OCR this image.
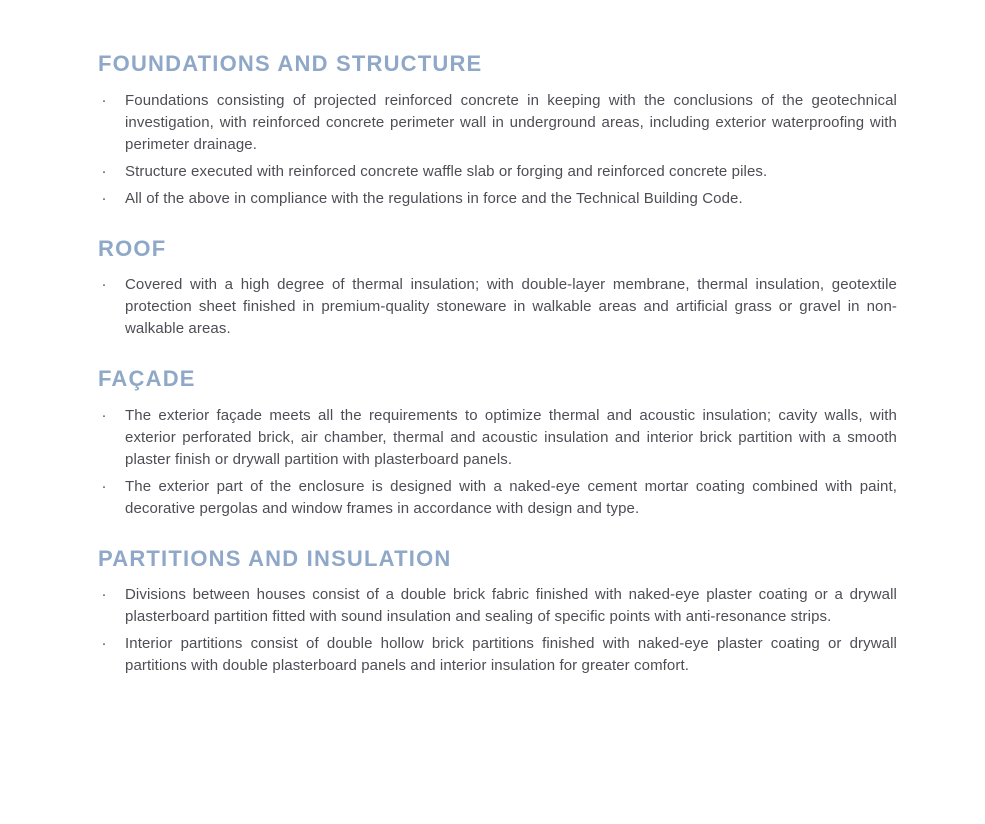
FOUNDATIONS AND STRUCTURE
· Foundations consisting of projected reinforced concrete in keeping with the conclusions of the geotechnical investigation, with reinforced concrete perimeter wall in underground areas, including exterior waterproofing with perimeter drainage.
· Structure executed with reinforced concrete waffle slab or forging and reinforced concrete piles.
· All of the above in compliance with the regulations in force and the Technical Building Code.
ROOF
· Covered with a high degree of thermal insulation; with double-layer membrane, thermal insulation, geotextile protection sheet finished in premium-quality stoneware in walkable areas and artificial grass or gravel in non-walkable areas.
FAÇADE
· The exterior façade meets all the requirements to optimize thermal and acoustic insulation; cavity walls, with exterior perforated brick, air chamber, thermal and acoustic insulation and interior brick partition with a smooth plaster finish or drywall partition with plasterboard panels.
· The exterior part of the enclosure is designed with a naked-eye cement mortar coating combined with paint, decorative pergolas and window frames in accordance with design and type.
PARTITIONS AND INSULATION
· Divisions between houses consist of a double brick fabric finished with naked-eye plaster coating or a drywall plasterboard partition fitted with sound insulation and sealing of specific points with anti-resonance strips.
· Interior partitions consist of double hollow brick partitions finished with naked-eye plaster coating or drywall partitions with double plasterboard panels and interior insulation for greater comfort.
